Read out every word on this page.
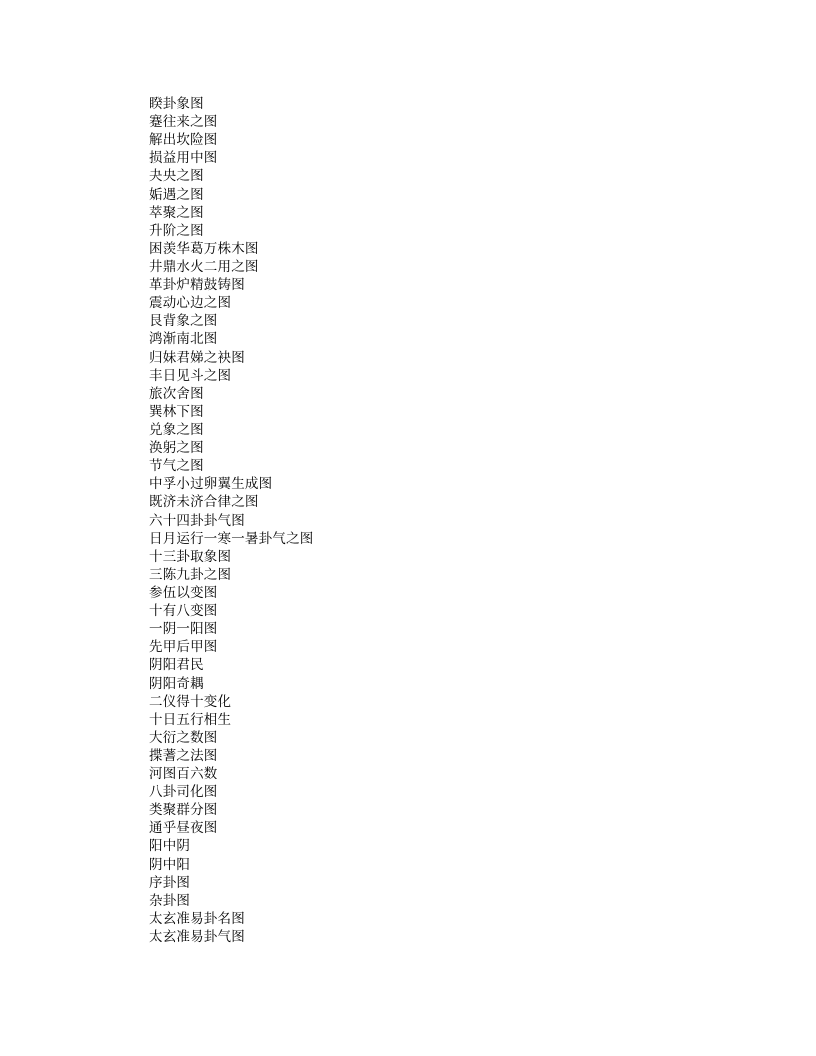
睽卦象图
蹇往来之图
解出坎险图
损益用中图
夬央之图
姤遇之图
萃聚之图
升阶之图
困羡华葛万株木图
井鼎水火二用之图
革卦炉精鼓铸图
震动心边之图
艮背象之图
鸿渐南北图
归妹君娣之袂图
丰日见斗之图
旅次舍图
巽林下图
兑象之图
涣躬之图
节气之图
中孚小过卵翼生成图
既济未济合律之图
六十四卦卦气图
日月运行一寒一暑卦气之图
十三卦取象图
三陈九卦之图
参伍以变图
十有八变图
一阴一阳图
先甲后甲图
阴阳君民
阴阳奇耦
二仪得十变化
十日五行相生
大衍之数图
揲蓍之法图
河图百六数
八卦司化图
类聚群分图
通乎昼夜图
阳中阴
阴中阳
序卦图
杂卦图
太玄准易卦名图
太玄准易卦气图
